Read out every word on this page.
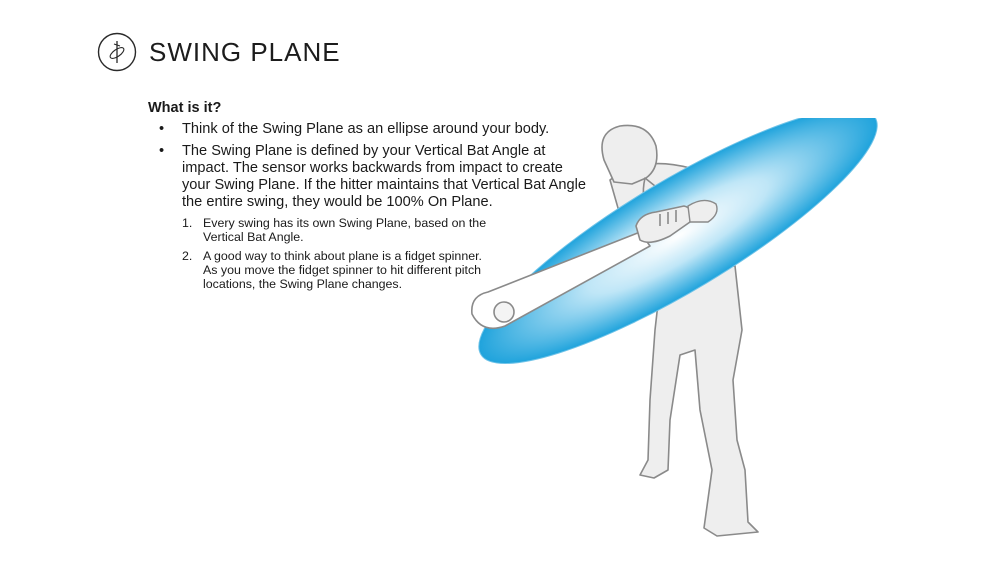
SWING PLANE
What is it?
• Think of the Swing Plane as an ellipse around your body.
• The Swing Plane is defined by your Vertical Bat Angle at impact. The sensor works backwards from impact to create your Swing Plane. If the hitter maintains that Vertical Bat Angle the entire swing, they would be 100% On Plane.
1. Every swing has its own Swing Plane, based on the Vertical Bat Angle.
2. A good way to think about plane is a fidget spinner. As you move the fidget spinner to hit different pitch locations, the Swing Plane changes.
